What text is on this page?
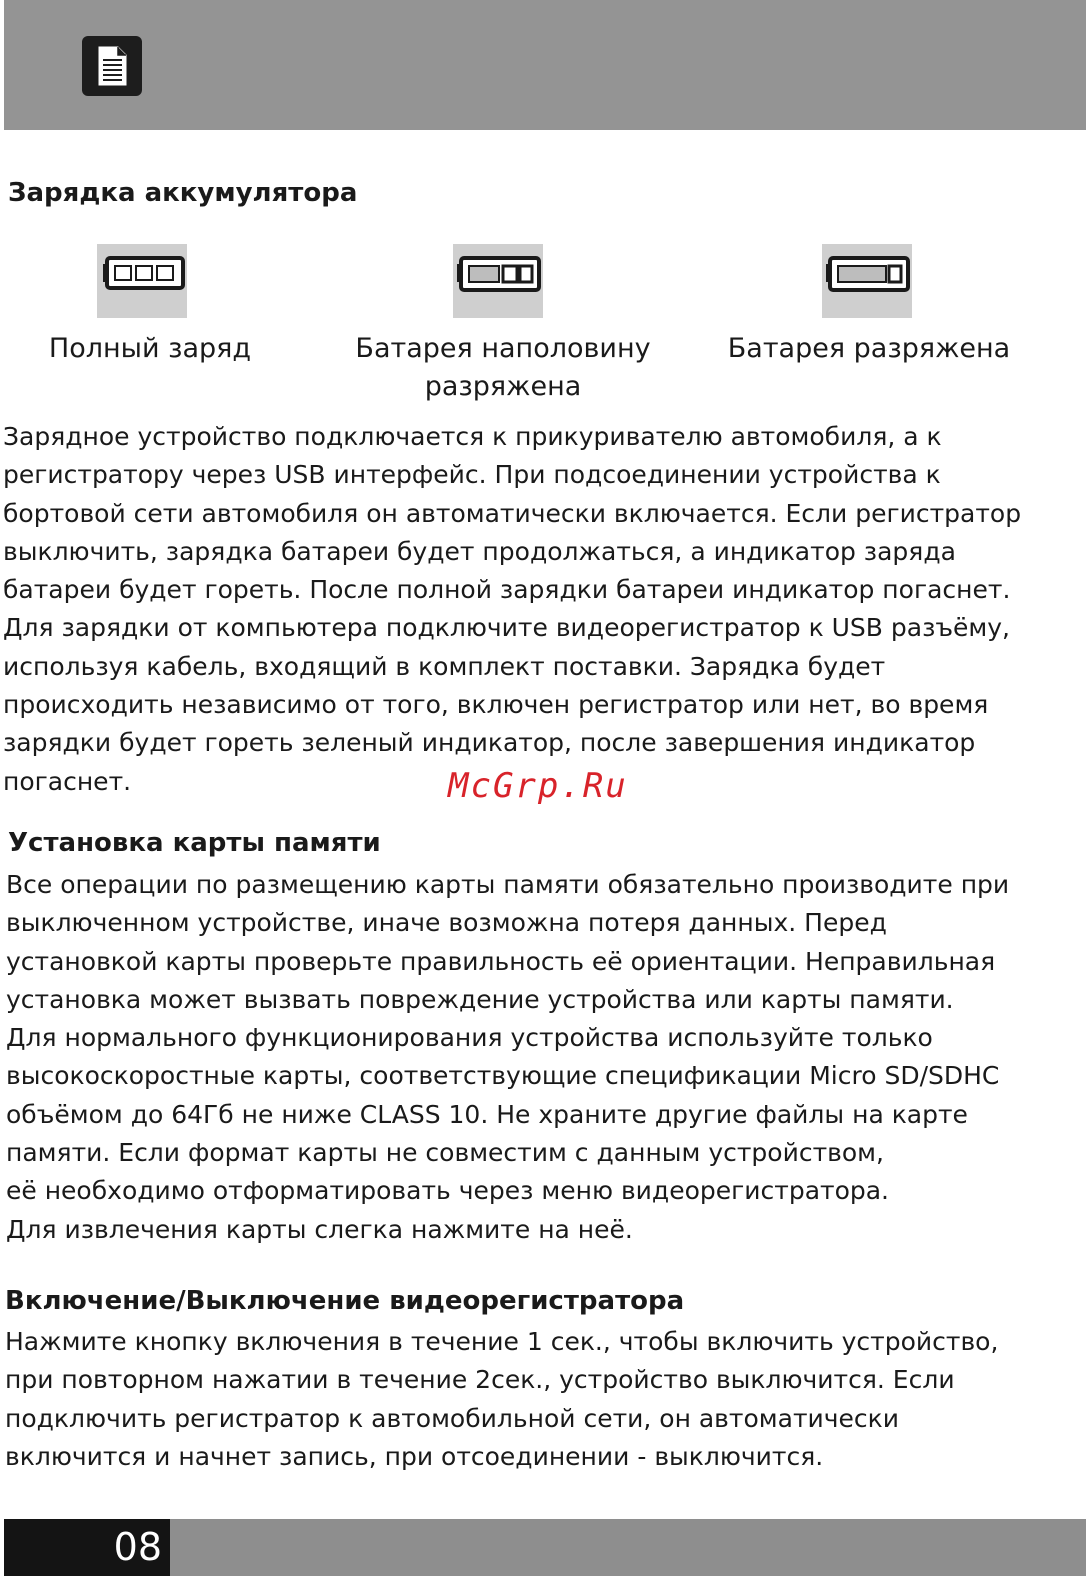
Зарядка аккумулятора
Полный заряд	Батарея наполовину
разряжена
Батарея разряжена
Зарядное устройство подключается к прикуривателю автомобиля, а к
регистратору через USB интерфейс. При подсоединении устройства к
бортовой сети автомобиля он автоматически включается. Если регистратор
выключить, зарядка батареи будет продолжаться, а индикатор заряда
батареи будет гореть. После полной зарядки батареи индикатор погаснет.
Для зарядки от компьютера подключите видеорегистратор к USB разъёму,
используя кабель, входящий в комплект поставки. Зарядка будет
происходить независимо от того, включен регистратор или нет, во время
зарядки будет гореть зеленый индикатор, после завершения индикатор
погаснет.	McGrp.Ru
Установка карты памяти
Все операции по размещению карты памяти обязательно производите при
выключенном устройстве, иначе возможна потеря данных. Перед
установкой карты проверьте правильность её ориентации. Неправильная
установка может вызвать повреждение устройства или карты памяти.
Для нормального функционирования устройства используйте только
высокоскоростные карты, соответствующие спецификации Micro SD/SDHC
объёмом до 64Гб не ниже CLASS 10. Не храните другие файлы на карте
памяти. Если формат карты не совместим с данным устройством,
её необходимо отформатировать через меню видеорегистратора.
Для извлечения карты слегка нажмите на неё.
Включение/Выключение видеорегистратора
Нажмите кнопку включения в течение 1 сек., чтобы включить устройство,
при повторном нажатии в течение 2сек., устройство выключится. Если
подключить регистратор к автомобильной сети, он автоматически
включится и начнет запись, при отсоединении - выключится.
08
